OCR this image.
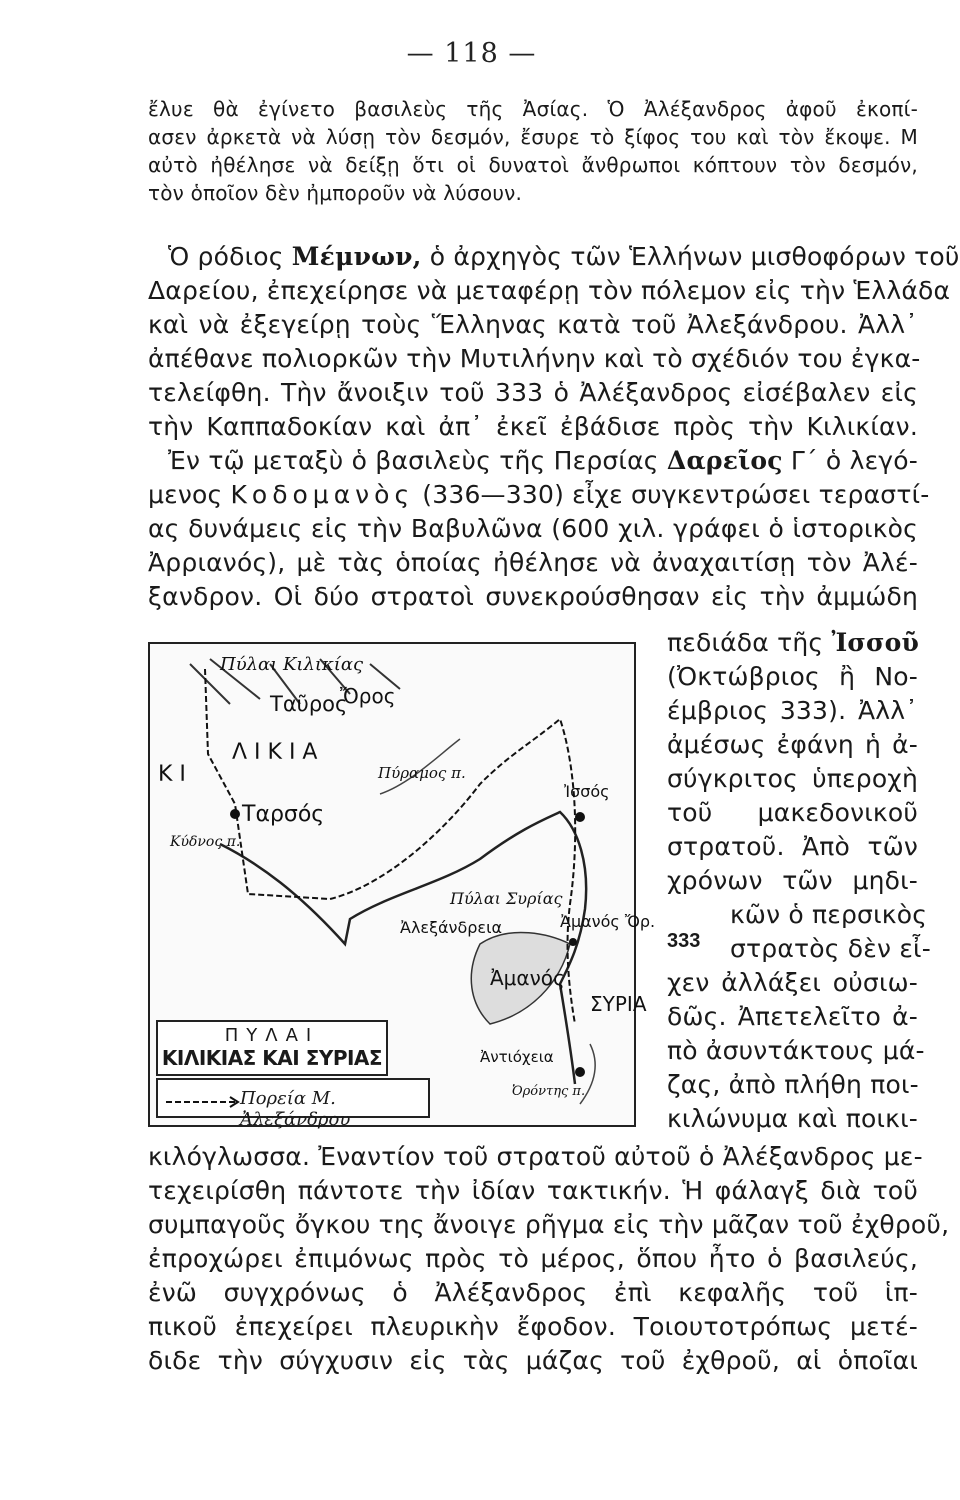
— 118 —
ἔλυε θὰ ἐγίνετο βασιλεὺς τῆς Ἀσίας. Ὁ Ἀλέξανδρος ἀφοῦ ἐκοπί-
ασεν ἀρκετὰ νὰ λύσῃ τὸν δεσμόν, ἔσυρε τὸ ξίφος του καὶ τὸν ἔκοψε. Μ
αὐτὸ ἠθέλησε νὰ δείξῃ ὅτι οἱ δυνατοὶ ἄνθρωποι κόπτουν τὸν δεσμόν,
τὸν ὁποῖον δὲν ἠμποροῦν νὰ λύσουν.
Ὁ ρόδιος Μέμνων, ὁ ἀρχηγὸς τῶν Ἑλλήνων μισθοφόρων τοῦ
Δαρείου, ἐπεχείρησε νὰ μεταφέρῃ τὸν πόλεμον εἰς τὴν Ἑλλάδα
καὶ νὰ ἐξεγείρῃ τοὺς Ἕλληνας κατὰ τοῦ Ἀλεξάνδρου. Ἀλλ᾿
ἀπέθανε πολιορκῶν τὴν Μυτιλήνην καὶ τὸ σχέδιόν του ἐγκα-
τελείφθη. Τὴν ἄνοιξιν τοῦ 333 ὁ Ἀλέξανδρος εἰσέβαλεν εἰς
τὴν Καππαδοκίαν καὶ ἀπ᾿ ἐκεῖ ἐβάδισε πρὸς τὴν Κιλικίαν.
Ἐν τῷ μεταξὺ ὁ βασιλεὺς τῆς Περσίας Δαρεῖος Γ΄ ὁ λεγό-
μενος Κοδομανὸς (336—330) εἶχε συγκεντρώσει τεραστί-
ας δυνάμεις εἰς τὴν Βαβυλῶνα (600 χιλ. γράφει ὁ ἱστορικὸς
Ἀρριανός), μὲ τὰς ὁποίας ἠθέλησε νὰ ἀναχαιτίσῃ τὸν Ἀλέ-
ξανδρον. Οἱ δύο στρατοὶ συνεκρούσθησαν εἰς τὴν ἀμμώδη
πεδιάδα τῆς Ἰσσοῦ
(Ὀκτώβριος ἢ Νο-
έμβριος 333). Ἀλλ᾿
ἀμέσως ἐφάνη ἡ ἀ-
σύγκριτος ὑπεροχὴ
τοῦ μακεδονικοῦ
στρατοῦ. Ἀπὸ τῶν
χρόνων τῶν μηδι-
κῶν ὁ περσικὸς
333 στρατὸς δὲν εἶ-
χεν ἀλλάξει οὐσιω-
δῶς. Ἀπετελεῖτο ἀ-
πὸ ἀσυντάκτους μά-
ζας, ἀπὸ πλήθη ποι-
κιλώνυμα καὶ ποικι-
κιλόγλωσσα. Ἐναντίον τοῦ στρατοῦ αὐτοῦ ὁ Ἀλέξανδρος με-
τεχειρίσθη πάντοτε τὴν ἰδίαν τακτικήν. Ἡ φάλαγξ διὰ τοῦ
συμπαγοῦς ὄγκου της ἄνοιγε ρῆγμα εἰς τὴν μᾶζαν τοῦ ἐχθροῦ,
ἐπροχώρει ἐπιμόνως πρὸς τὸ μέρος, ὅπου ἦτο ὁ βασιλεύς,
ἐνῶ συγχρόνως ὁ Ἀλέξανδρος ἐπὶ κεφαλῆς τοῦ ἱπ-
πικοῦ ἐπεχείρει πλευρικὴν ἔφοδον. Τοιουτοτρόπως μετέ-
διδε τὴν σύγχυσιν εἰς τὰς μάζας τοῦ ἐχθροῦ, αἱ ὁποῖαι
Πύλαι Κιλικίας
Ταῦρος
Ὄρος
Κ Ι
Λ Ι Κ Ι Α
Ταρσός
Κύδνος π.
Πύραμος π.
Ἰσσός
Πύλαι Συρίας
Ἀλεξάνδρεια	Ἀμανός Ὄρ.
Ἀμανός
ΣΥΡΙΑ
Ἀντιόχεια
Ὀρόντης π.
ΠΥΛΑΙ
ΚΙΛΙΚΙΑΣ ΚΑΙ ΣΥΡΙΑΣ
Πορεία Μ. Ἀλεξάνδρου
